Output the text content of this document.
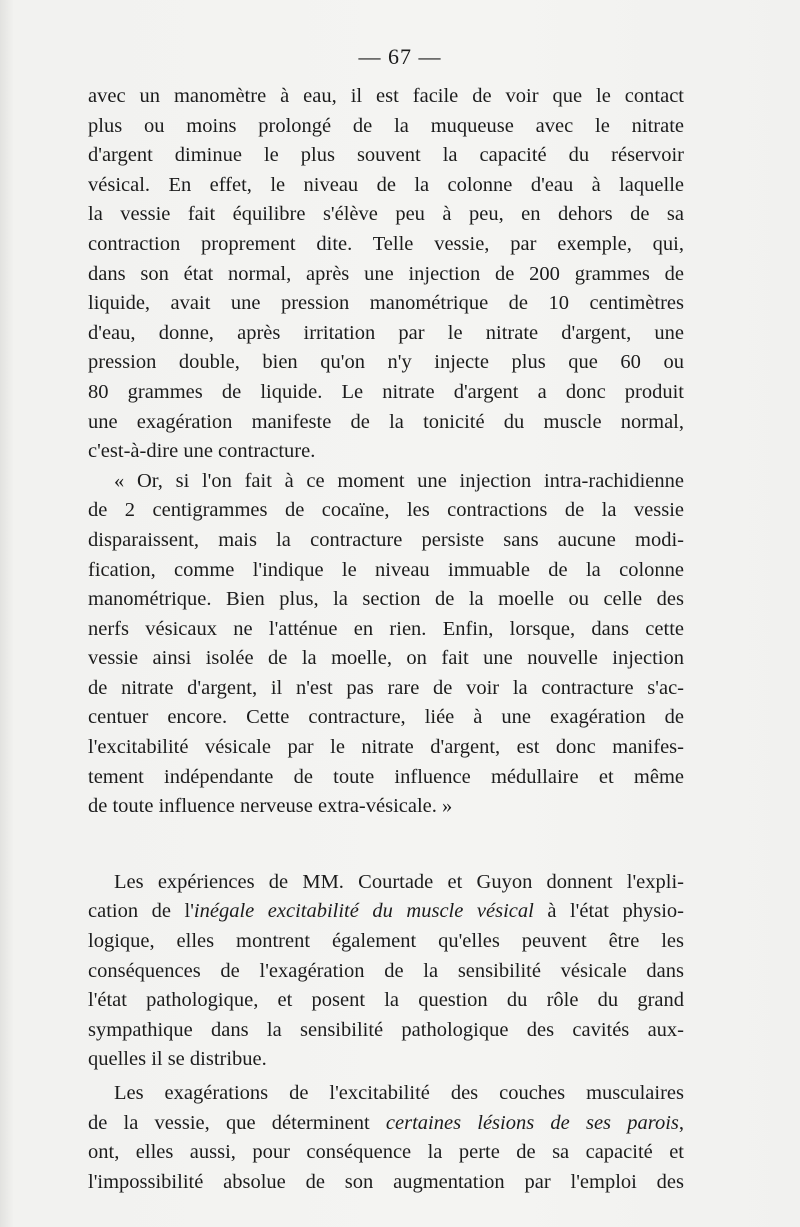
— 67 —
avec un manomètre à eau, il est facile de voir que le contact
plus ou moins prolongé de la muqueuse avec le nitrate
d'argent diminue le plus souvent la capacité du réservoir
vésical. En effet, le niveau de la colonne d'eau à laquelle
la vessie fait équilibre s'élève peu à peu, en dehors de sa
contraction proprement dite. Telle vessie, par exemple, qui,
dans son état normal, après une injection de 200 grammes de
liquide, avait une pression manométrique de 10 centimètres
d'eau, donne, après irritation par le nitrate d'argent, une
pression double, bien qu'on n'y injecte plus que 60 ou
80 grammes de liquide. Le nitrate d'argent a donc produit
une exagération manifeste de la tonicité du muscle normal,
c'est-à-dire une contracture.
« Or, si l'on fait à ce moment une injection intra-rachidienne
de 2 centigrammes de cocaïne, les contractions de la vessie
disparaissent, mais la contracture persiste sans aucune modi-
fication, comme l'indique le niveau immuable de la colonne
manométrique. Bien plus, la section de la moelle ou celle des
nerfs vésicaux ne l'atténue en rien. Enfin, lorsque, dans cette
vessie ainsi isolée de la moelle, on fait une nouvelle injection
de nitrate d'argent, il n'est pas rare de voir la contracture s'ac-
centuer encore. Cette contracture, liée à une exagération de
l'excitabilité vésicale par le nitrate d'argent, est donc manifes-
tement indépendante de toute influence médullaire et même
de toute influence nerveuse extra-vésicale. »
Les expériences de MM. Courtade et Guyon donnent l'expli-
cation de l'inégale excitabilité du muscle vésical à l'état physio-
logique, elles montrent également qu'elles peuvent être les
conséquences de l'exagération de la sensibilité vésicale dans
l'état pathologique, et posent la question du rôle du grand
sympathique dans la sensibilité pathologique des cavités aux-
quelles il se distribue.
Les exagérations de l'excitabilité des couches musculaires
de la vessie, que déterminent certaines lésions de ses parois,
ont, elles aussi, pour conséquence la perte de sa capacité et
l'impossibilité absolue de son augmentation par l'emploi des
